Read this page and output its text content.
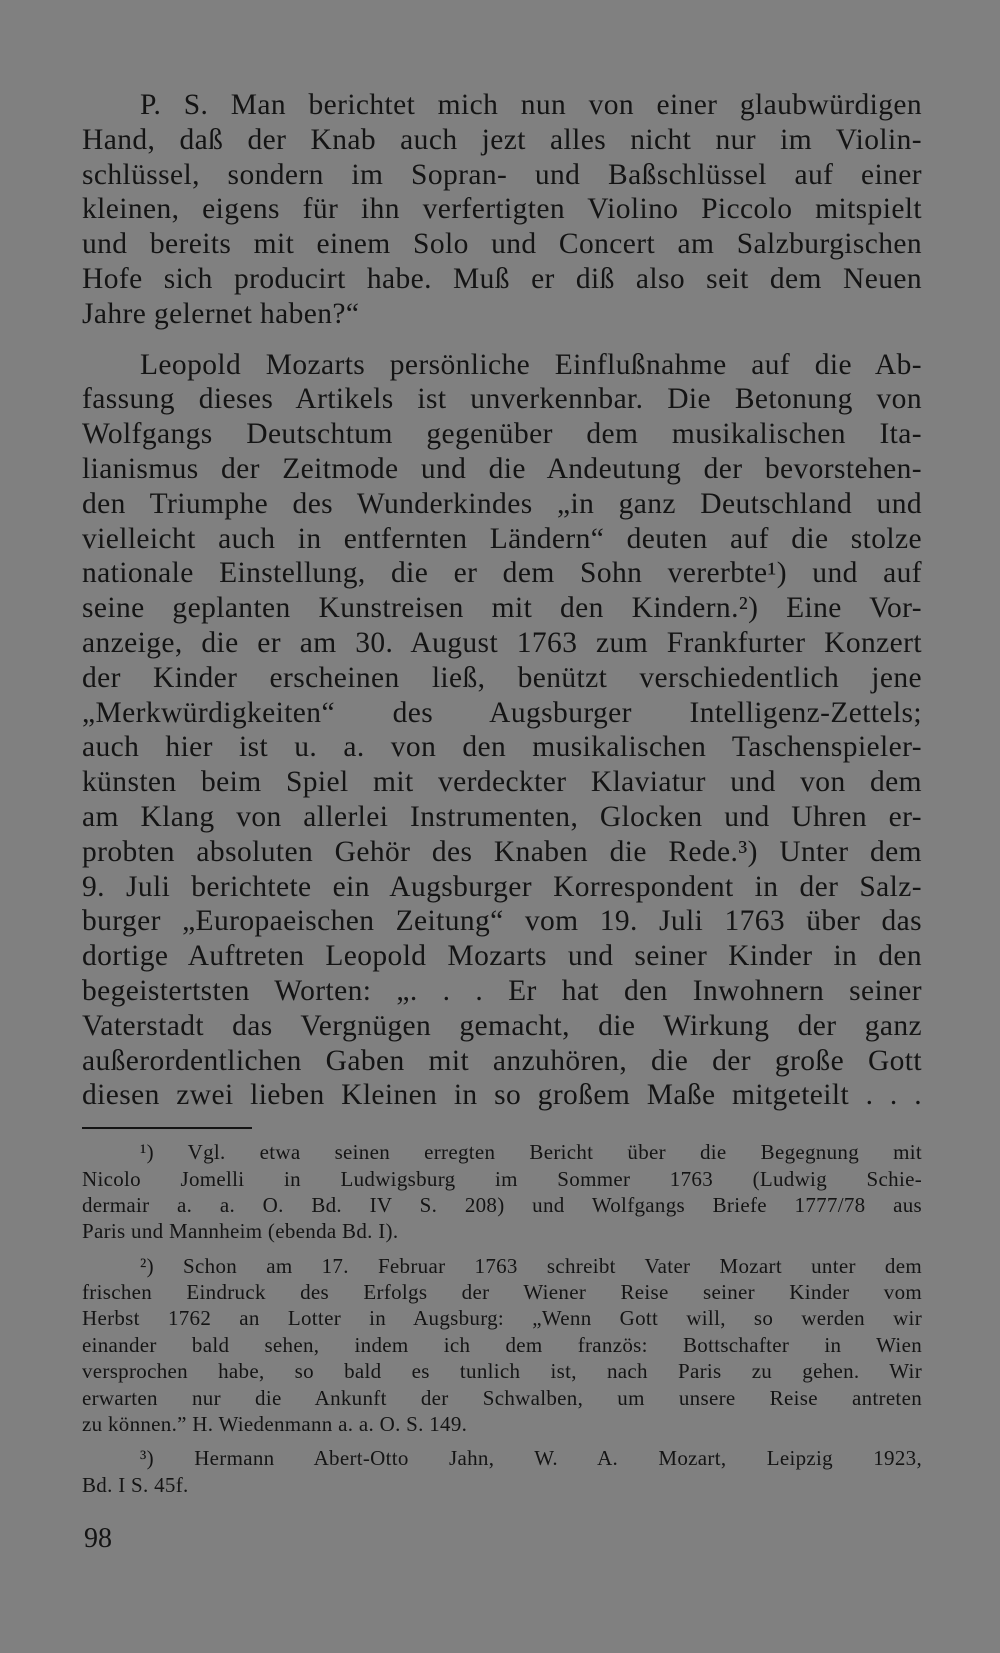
P. S. Man berichtet mich nun von einer glaubwürdigen
Hand, daß der Knab auch jezt alles nicht nur im Violin-
schlüssel, sondern im Sopran- und Baßschlüssel auf einer
kleinen, eigens für ihn verfertigten Violino Piccolo mitspielt
und bereits mit einem Solo und Concert am Salzburgischen
Hofe sich producirt habe. Muß er diß also seit dem Neuen
Jahre gelernet haben?“

Leopold Mozarts persönliche Einflußnahme auf die Ab-
fassung dieses Artikels ist unverkennbar. Die Betonung von
Wolfgangs Deutschtum gegenüber dem musikalischen Ita-
lianismus der Zeitmode und die Andeutung der bevorstehen-
den Triumphe des Wunderkindes „in ganz Deutschland und
vielleicht auch in entfernten Ländern“ deuten auf die stolze
nationale Einstellung, die er dem Sohn vererbte¹) und auf
seine geplanten Kunstreisen mit den Kindern.²) Eine Vor-
anzeige, die er am 30. August 1763 zum Frankfurter Konzert
der Kinder erscheinen ließ, benützt verschiedentlich jene
„Merkwürdigkeiten“ des Augsburger Intelligenz-Zettels;
auch hier ist u. a. von den musikalischen Taschenspieler-
künsten beim Spiel mit verdeckter Klaviatur und von dem
am Klang von allerlei Instrumenten, Glocken und Uhren er-
probten absoluten Gehör des Knaben die Rede.³) Unter dem
9. Juli berichtete ein Augsburger Korrespondent in der Salz-
burger „Europaeischen Zeitung“ vom 19. Juli 1763 über das
dortige Auftreten Leopold Mozarts und seiner Kinder in den
begeistertsten Worten: „. . . Er hat den Inwohnern seiner
Vaterstadt das Vergnügen gemacht, die Wirkung der ganz
außerordentlichen Gaben mit anzuhören, die der große Gott
diesen zwei lieben Kleinen in so großem Maße mitgeteilt . . .

¹) Vgl. etwa seinen erregten Bericht über die Begegnung mit
Nicolo Jomelli in Ludwigsburg im Sommer 1763 (Ludwig Schie-
dermair a. a. O. Bd. IV S. 208) und Wolfgangs Briefe 1777/78 aus
Paris und Mannheim (ebenda Bd. I).

²) Schon am 17. Februar 1763 schreibt Vater Mozart unter dem
frischen Eindruck des Erfolgs der Wiener Reise seiner Kinder vom
Herbst 1762 an Lotter in Augsburg: „Wenn Gott will, so werden wir
einander bald sehen, indem ich dem französ: Bottschafter in Wien
versprochen habe, so bald es tunlich ist, nach Paris zu gehen. Wir
erwarten nur die Ankunft der Schwalben, um unsere Reise antreten
zu können.” H. Wiedenmann a. a. O. S. 149.

³) Hermann Abert-Otto Jahn, W. A. Mozart, Leipzig 1923,
Bd. I S. 45f.

98
